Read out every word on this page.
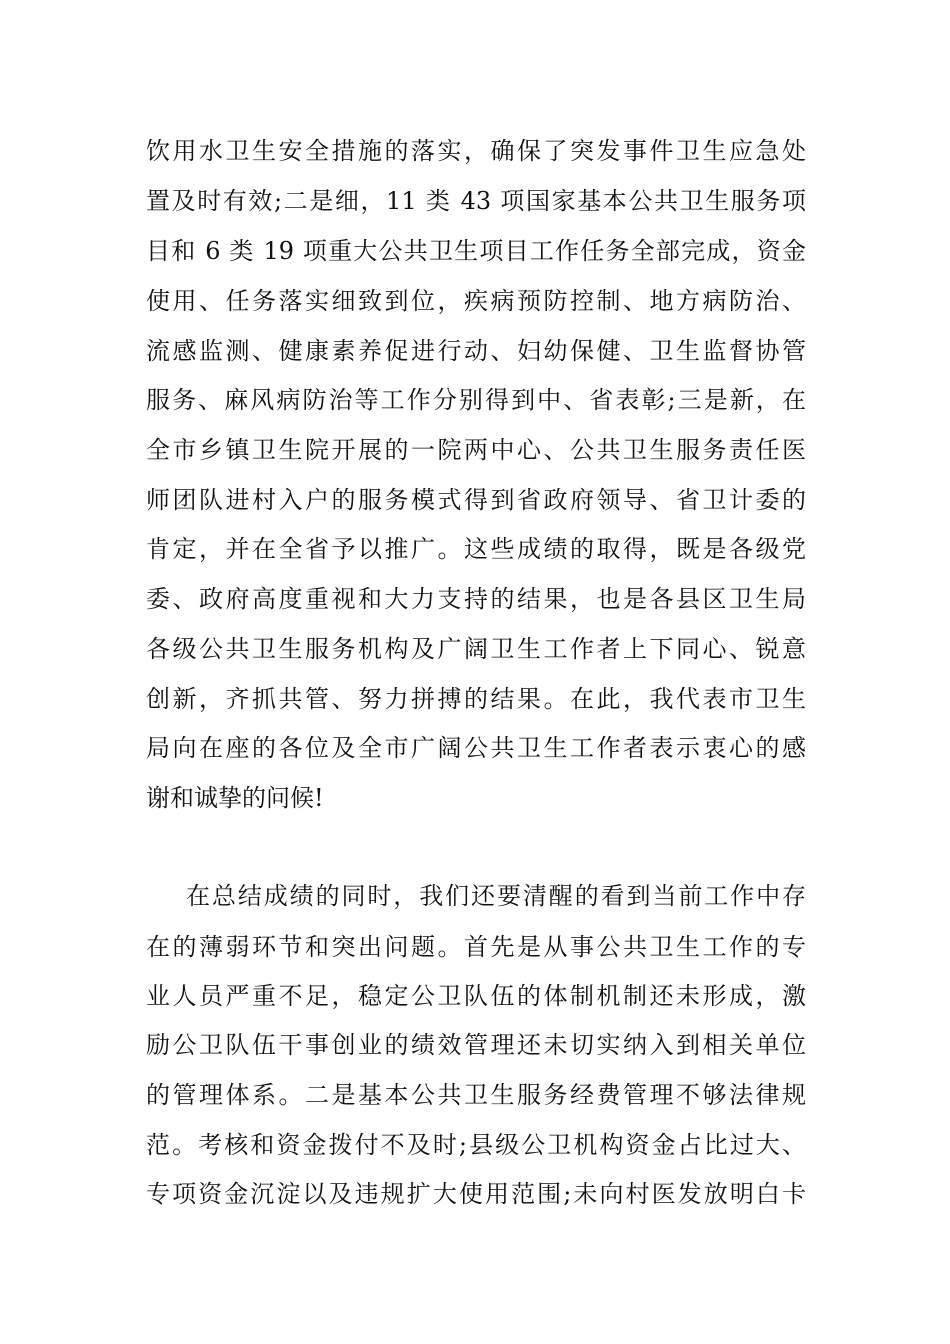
饮用水卫生安全措施的落实，确保了突发事件卫生应急处
置及时有效;二是细，11 类 43 项国家基本公共卫生服务项
目和 6 类 19 项重大公共卫生项目工作任务全部完成，资金
使用、任务落实细致到位，疾病预防控制、地方病防治、
流感监测、健康素养促进行动、妇幼保健、卫生监督协管
服务、麻风病防治等工作分别得到中、省表彰;三是新，在
全市乡镇卫生院开展的一院两中心、公共卫生服务责任医
师团队进村入户的服务模式得到省政府领导、省卫计委的
肯定，并在全省予以推广。这些成绩的取得，既是各级党
委、政府高度重视和大力支持的结果，也是各县区卫生局
各级公共卫生服务机构及广阔卫生工作者上下同心、锐意
创新，齐抓共管、努力拼搏的结果。在此，我代表市卫生
局向在座的各位及全市广阔公共卫生工作者表示衷心的感
谢和诚挚的问候!
在总结成绩的同时，我们还要清醒的看到当前工作中存
在的薄弱环节和突出问题。首先是从事公共卫生工作的专
业人员严重不足，稳定公卫队伍的体制机制还未形成，激
励公卫队伍干事创业的绩效管理还未切实纳入到相关单位
的管理体系。二是基本公共卫生服务经费管理不够法律规
范。考核和资金拨付不及时;县级公卫机构资金占比过大、
专项资金沉淀以及违规扩大使用范围;未向村医发放明白卡
